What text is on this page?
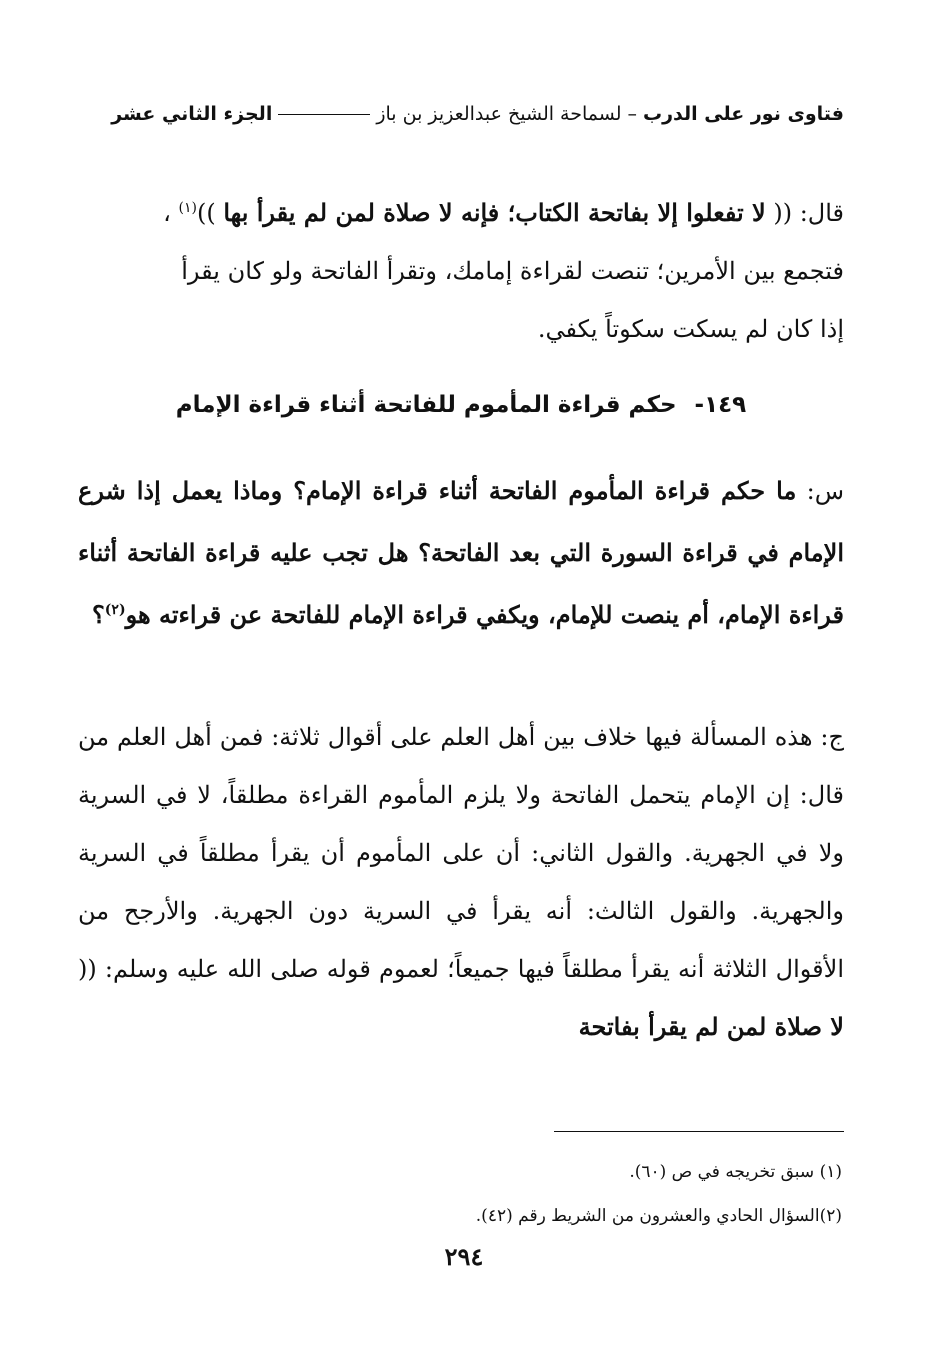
فتاوى نور على الدرب
–
لسماحة الشيخ عبدالعزيز بن باز
الجزء الثاني عشر
قال: (( لا تفعلوا إلا بفاتحة الكتاب؛ فإنه لا صلاة لمن لم يقرأ بها ))$^{(١)}$ ،
فتجمع بين الأمرين؛ تنصت لقراءة إمامك، وتقرأ الفاتحة ولو كان يقرأ
إذا كان لم يسكت سكوتاً يكفي.
١٤٩-حكم قراءة المأموم للفاتحة أثناء قراءة الإمام
س: ما حكم قراءة المأموم الفاتحة أثناء قراءة الإمام؟ وماذا يعمل إذا شرع الإمام في قراءة السورة التي بعد الفاتحة؟ هل تجب عليه قراءة الفاتحة أثناء قراءة الإمام، أم ينصت للإمام، ويكفي قراءة الإمام للفاتحة عن قراءته هو$^{(٢)}$؟
ج: هذه المسألة فيها خلاف بين أهل العلم على أقوال ثلاثة: فمن أهل العلم من قال: إن الإمام يتحمل الفاتحة ولا يلزم المأموم القراءة مطلقاً، لا في السرية ولا في الجهرية. والقول الثاني: أن على المأموم أن يقرأ مطلقاً في السرية والجهرية. والقول الثالث: أنه يقرأ في السرية دون الجهرية. والأرجح من الأقوال الثلاثة أنه يقرأ مطلقاً فيها جميعاً؛ لعموم قوله صلى الله عليه وسلم: (( لا صلاة لمن لم يقرأ بفاتحة
(١) سبق تخريجه في ص (٦٠).
(٢)السؤال الحادي والعشرون من الشريط رقم (٤٢).
٢٩٤
